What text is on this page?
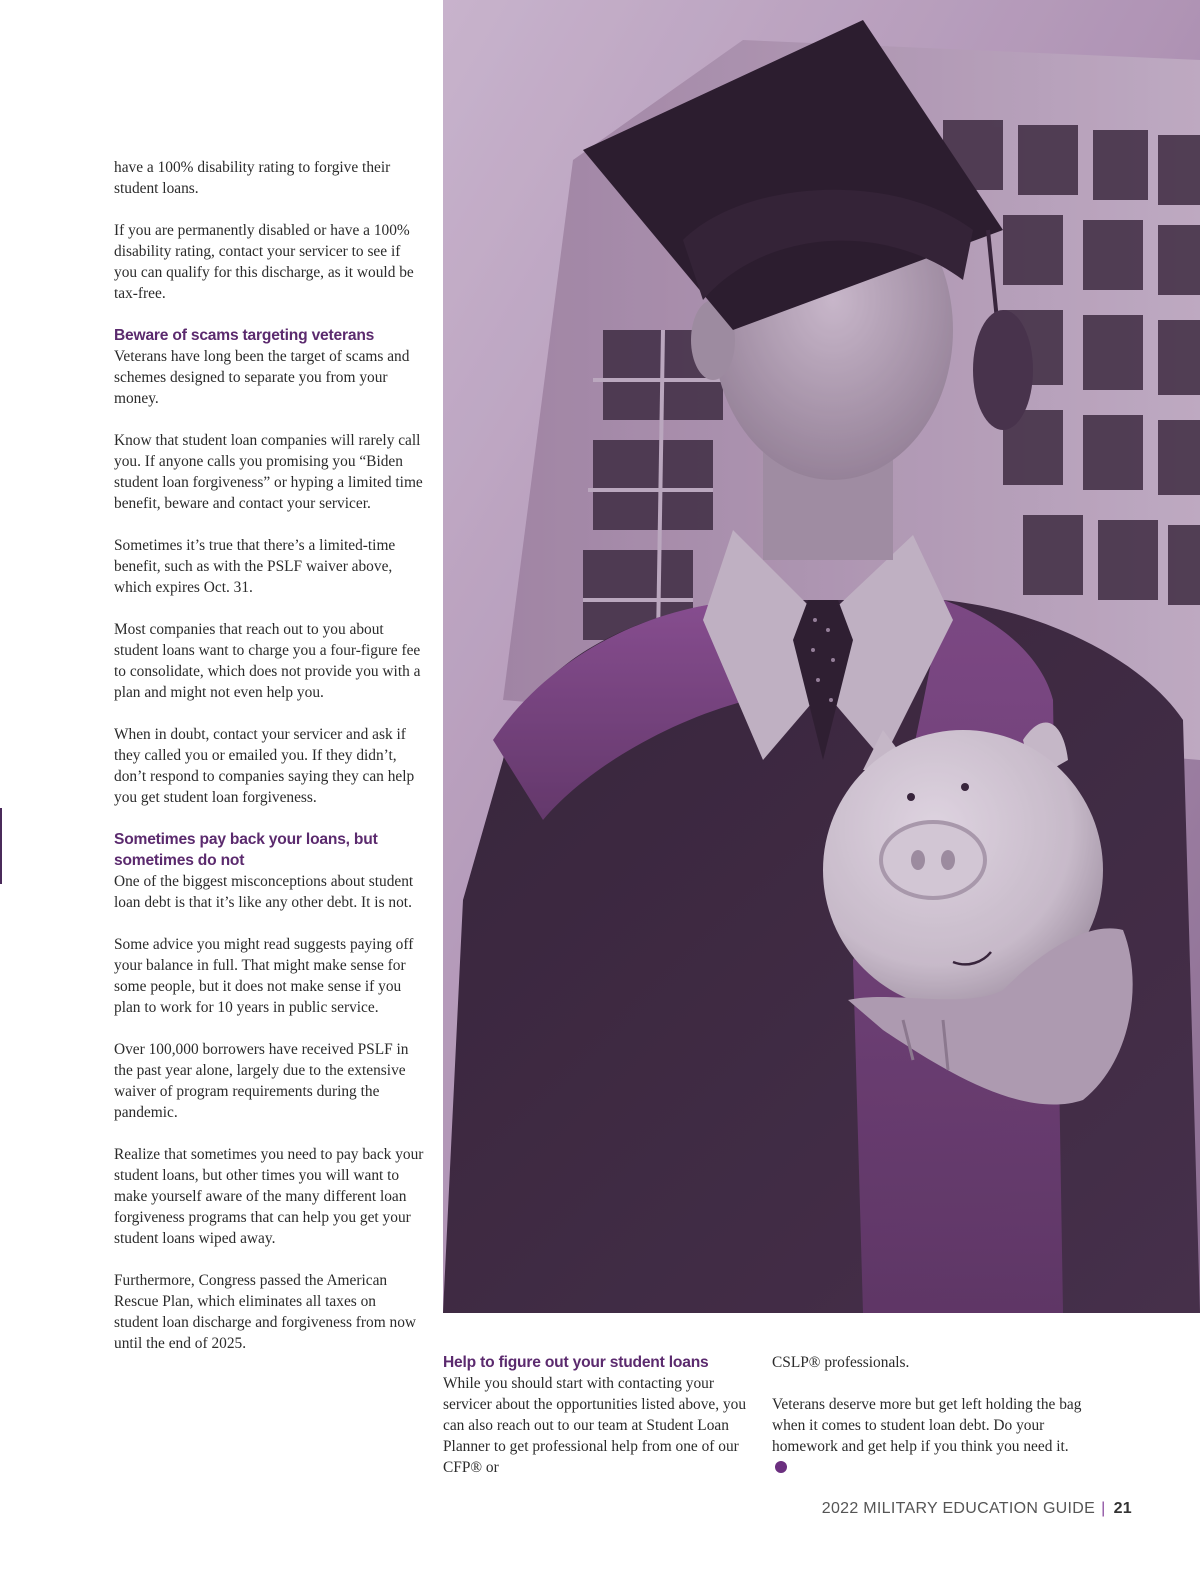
have a 100% disability rating to forgive their student loans.

If you are permanently disabled or have a 100% disability rating, contact your servicer to see if you can qualify for this discharge, as it would be tax-free.

Beware of scams targeting veterans

Veterans have long been the target of scams and schemes designed to separate you from your money.

Know that student loan companies will rarely call you. If anyone calls you promising you “Biden student loan forgiveness” or hyping a limited time benefit, beware and contact your servicer.

Sometimes it’s true that there’s a limited-time benefit, such as with the PSLF waiver above, which expires Oct. 31.

Most companies that reach out to you about student loans want to charge you a four-figure fee to consolidate, which does not provide you with a plan and might not even help you.

When in doubt, contact your servicer and ask if they called you or emailed you. If they didn’t, don’t respond to companies saying they can help you get student loan forgiveness.

Sometimes pay back your loans, but sometimes do not

One of the biggest misconceptions about student loan debt is that it’s like any other debt. It is not.

Some advice you might read suggests paying off your balance in full. That might make sense for some people, but it does not make sense if you plan to work for 10 years in public service.

Over 100,000 borrowers have received PSLF in the past year alone, largely due to the extensive waiver of program requirements during the pandemic.

Realize that sometimes you need to pay back your student loans, but other times you will want to make yourself aware of the many different loan forgiveness programs that can help you get your student loans wiped away.

Furthermore, Congress passed the American Rescue Plan, which eliminates all taxes on student loan discharge and forgiveness from now until the end of 2025.

Help to figure out your student loans

While you should start with contacting your servicer about the opportunities listed above, you can also reach out to our team at Student Loan Planner to get professional help from one of our CFP® or

CSLP® professionals.

Veterans deserve more but get left holding the bag when it comes to student loan debt. Do your homework and get help if you think you need it.

2022 MILITARY EDUCATION GUIDE | 21
